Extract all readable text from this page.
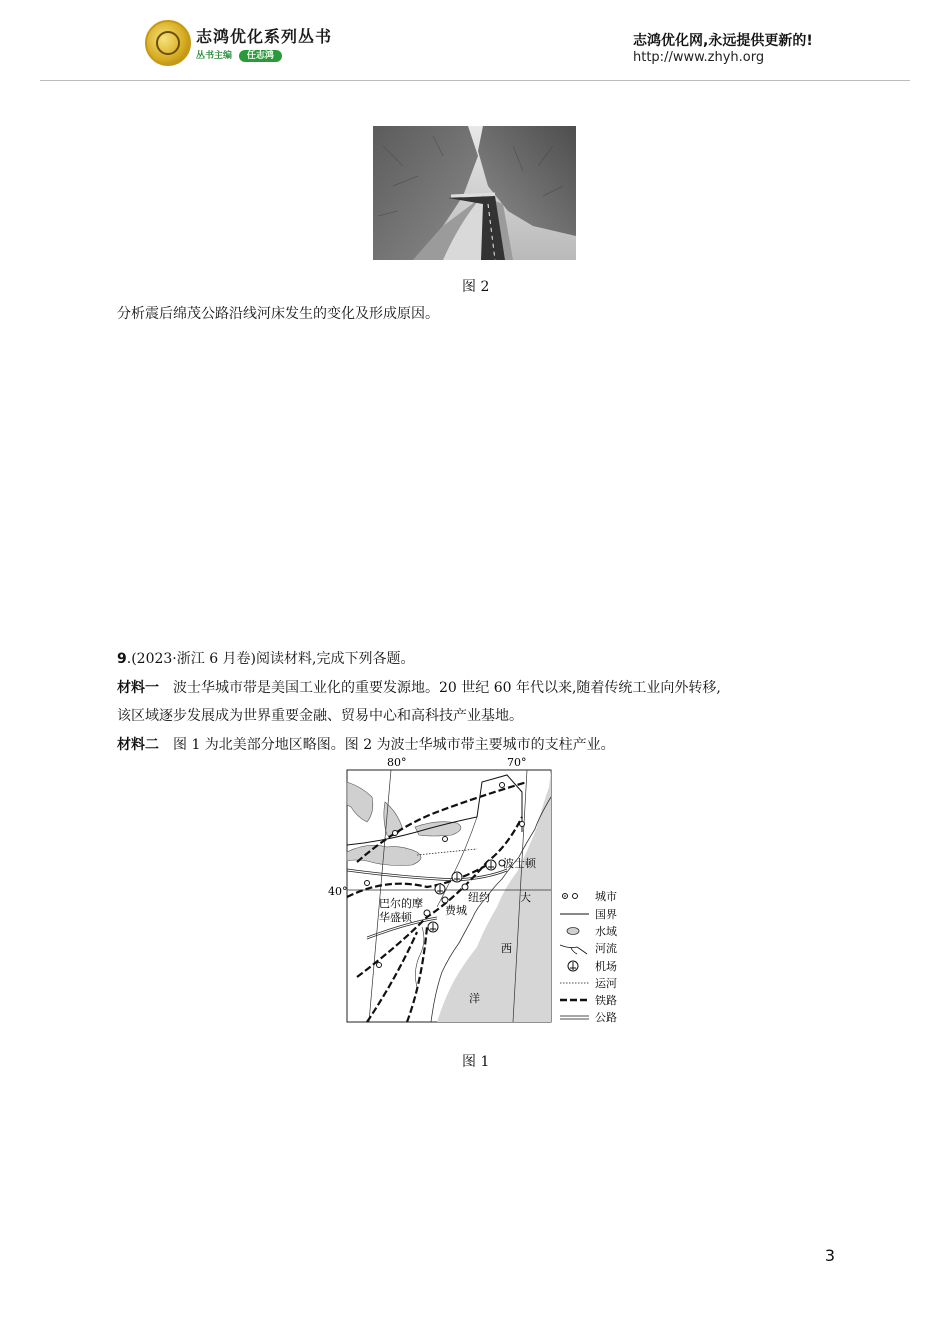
志鸿优化系列丛书
丛书主编 任志鸿
志鸿优化网,永远提供更新的!
http://www.zhyh.org
图 2
分析震后绵茂公路沿线河床发生的变化及形成原因。
9.(2023·浙江 6 月卷)阅读材料,完成下列各题。
材料一 波士华城市带是美国工业化的重要发源地。20 世纪 60 年代以来,随着传统工业向外转移,
该区域逐步发展成为世界重要金融、贸易中心和高科技产业基地。
材料二 图 1 为北美部分地区略图。图 2 为波士华城市带主要城市的支柱产业。
80°	70°
40°
波士顿
纽约
巴尔的摩
费城
华盛顿
大
西
洋
城市
国界
水域
河流
机场
运河
铁路
公路
图 1
3
